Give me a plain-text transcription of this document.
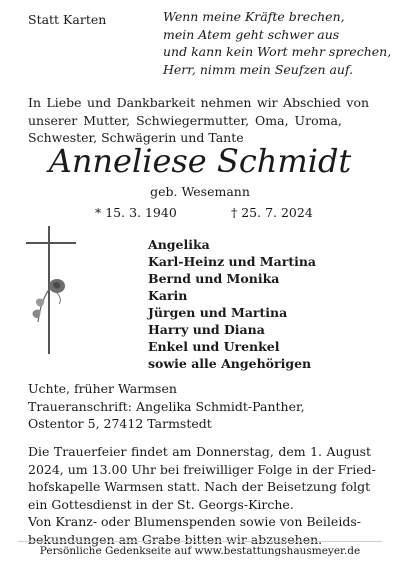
Statt Karten	Wenn meine Kräfte brechen,
mein Atem geht schwer aus
und kann kein Wort mehr sprechen,
Herr, nimm mein Seufzen auf.
In Liebe und Dankbarkeit nehmen wir Abschied von
unserer Mutter, Schwiegermutter, Oma, Uroma,
Schwester, Schwägerin und Tante
Anneliese Schmidt
geb. Wesemann
* 15. 3. 1940	† 25. 7. 2024
Angelika
Karl-Heinz und Martina
Bernd und Monika
Karin
Jürgen und Martina
Harry und Diana
Enkel und Urenkel
sowie alle Angehörigen
Uchte, früher Warmsen
Traueranschrift: Angelika Schmidt-Panther,
Ostentor 5, 27412 Tarmstedt
Die Trauerfeier findet am Donnerstag, dem 1. August
2024, um 13.00 Uhr bei freiwilliger Folge in der Fried-
hofskapelle Warmsen statt. Nach der Beisetzung folgt
ein Gottesdienst in der St. Georgs-Kirche.
Von Kranz- oder Blumenspenden sowie von Beileids-
bekundungen am Grabe bitten wir abzusehen.
Persönliche Gedenkseite auf www.bestattungshausmeyer.de
